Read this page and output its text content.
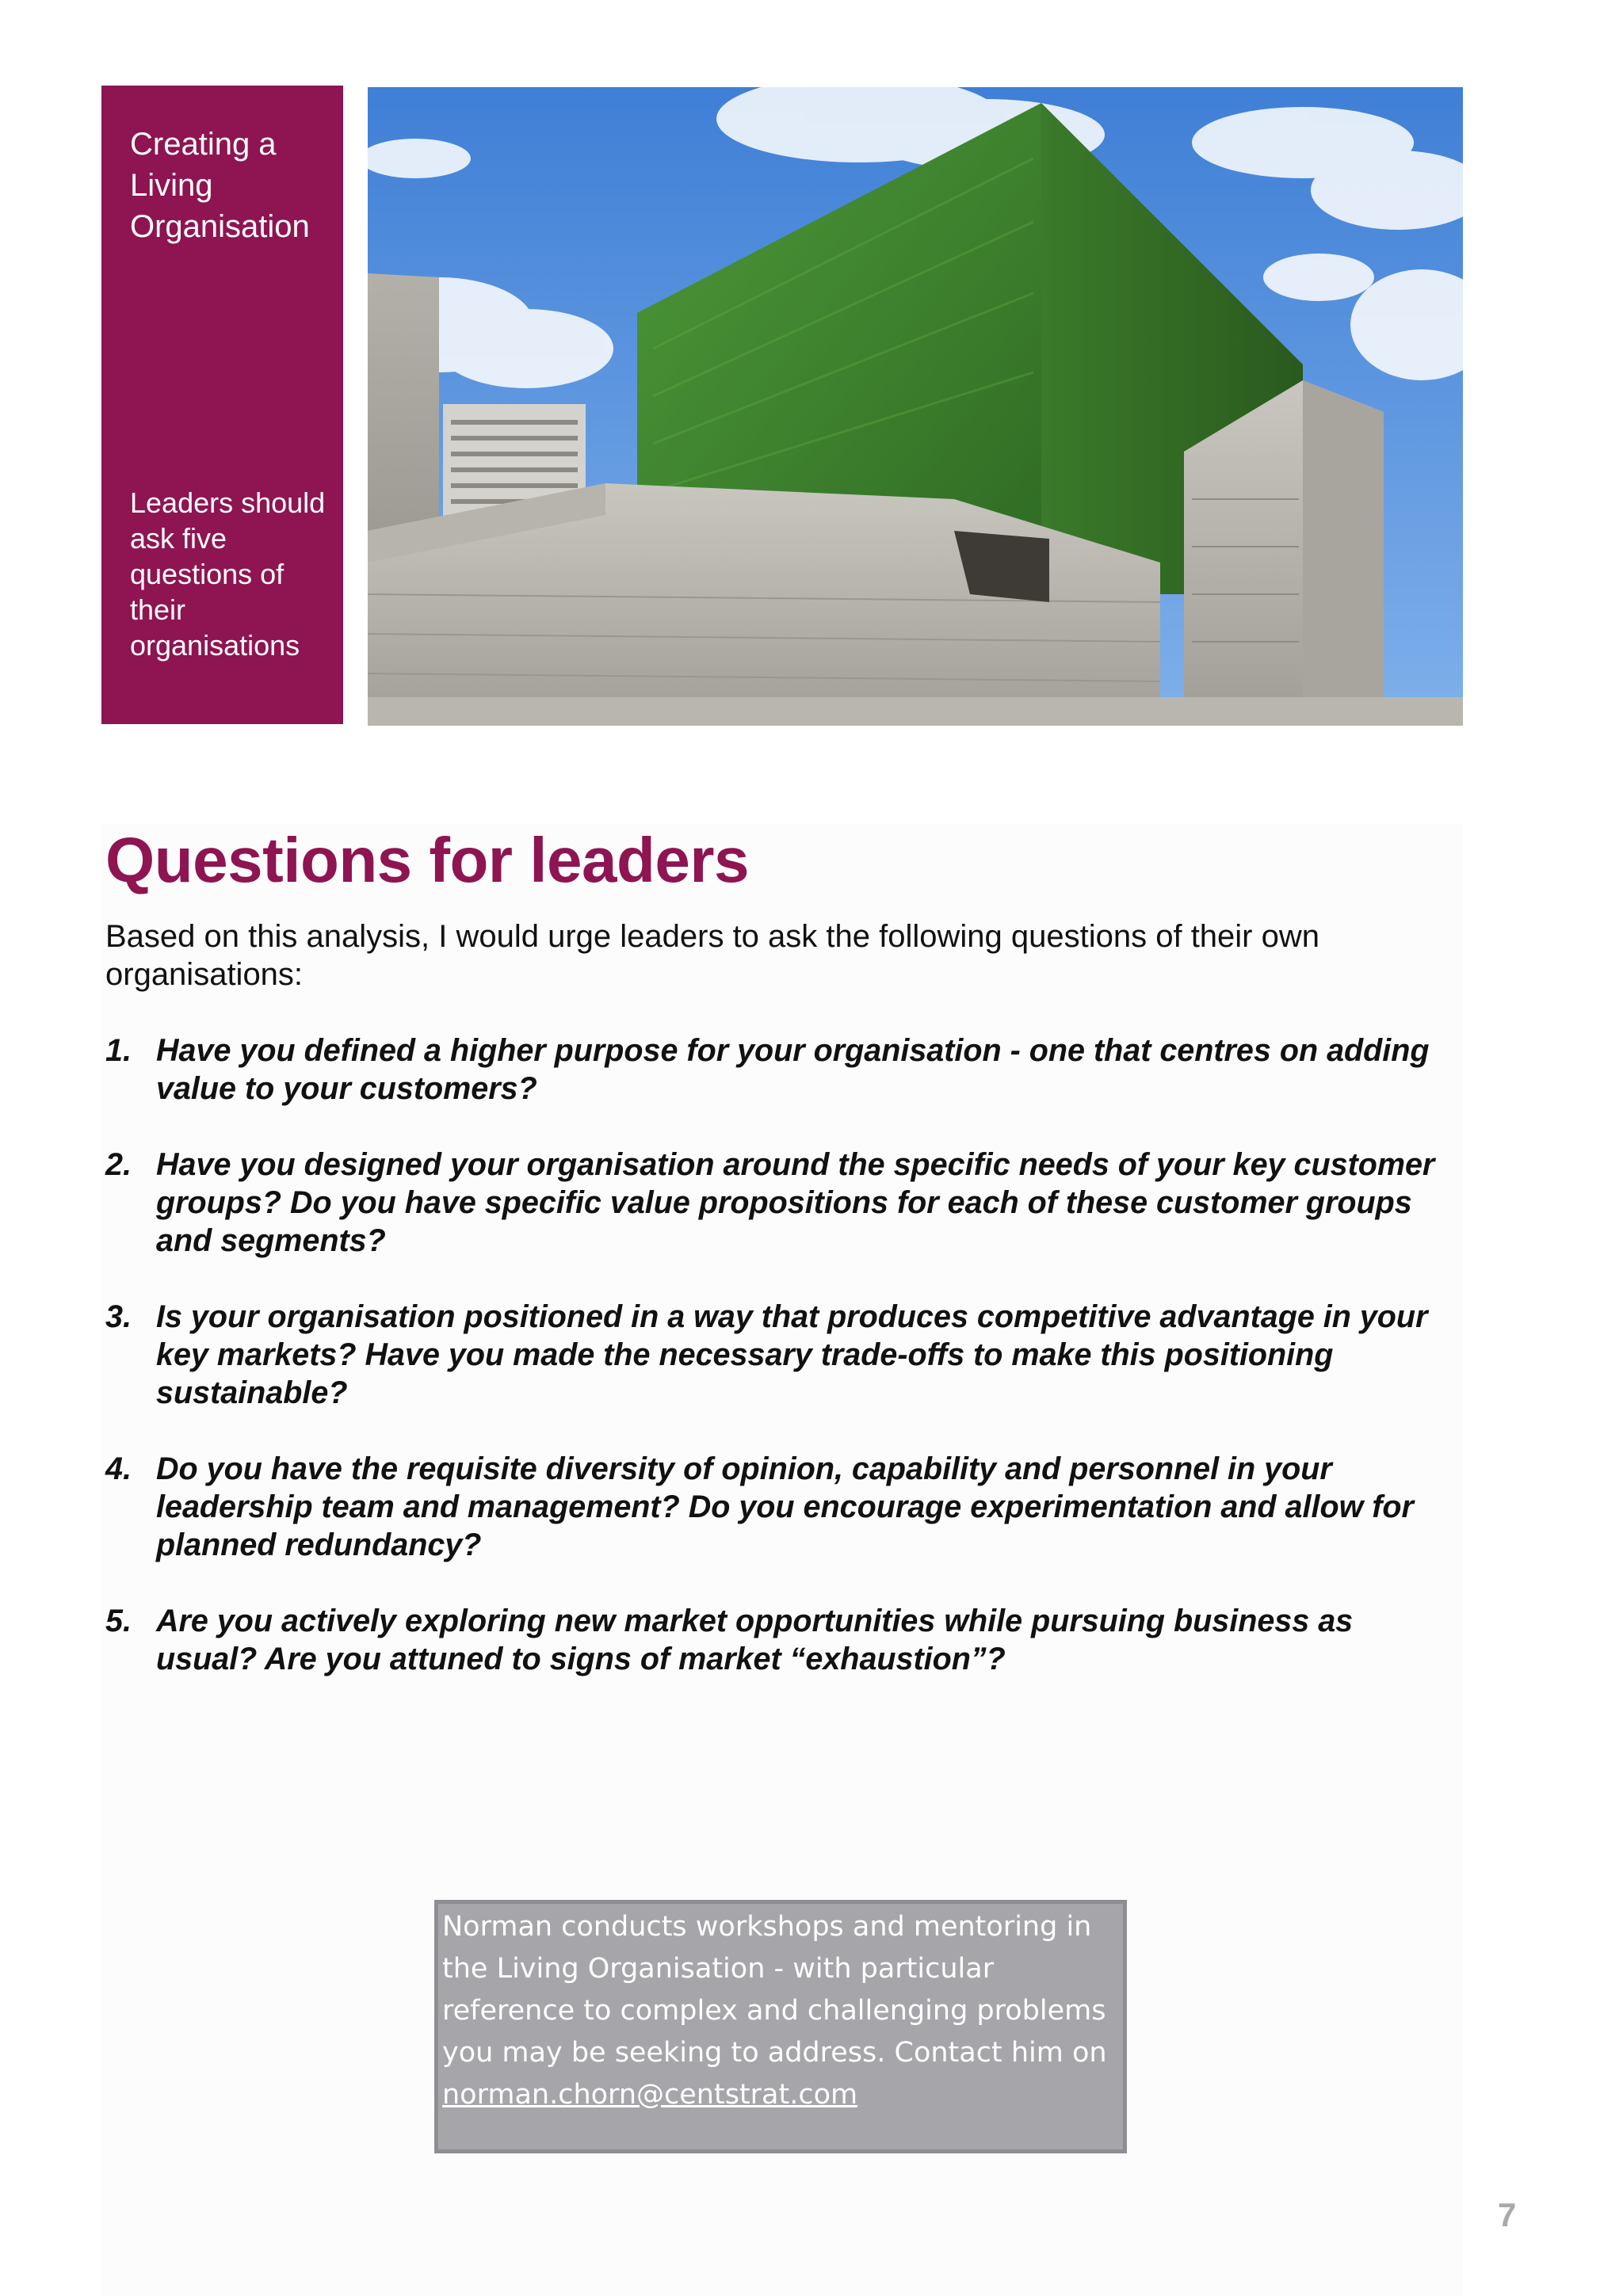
Creating a Living Organisation
Leaders should ask five questions of their organisations
Questions for leaders

Based on this analysis, I would urge leaders to ask the following questions of their own organisations:

1. Have you defined a higher purpose for your organisation - one that centres on adding value to your customers?
2. Have you designed your organisation around the specific needs of your key customer groups? Do you have specific value propositions for each of these customer groups and segments?
3. Is your organisation positioned in a way that produces competitive advantage in your key markets? Have you made the necessary trade-offs to make this positioning sustainable?
4. Do you have the requisite diversity of opinion, capability and personnel in your leadership team and management? Do you encourage experimentation and allow for planned redundancy?
5. Are you actively exploring new market opportunities while pursuing business as usual? Are you attuned to signs of market “exhaustion”?
Norman conducts workshops and mentoring in the Living Organisation - with particular reference to complex and challenging problems you may be seeking to address. Contact him on
norman.chorn@centstrat.com
7
